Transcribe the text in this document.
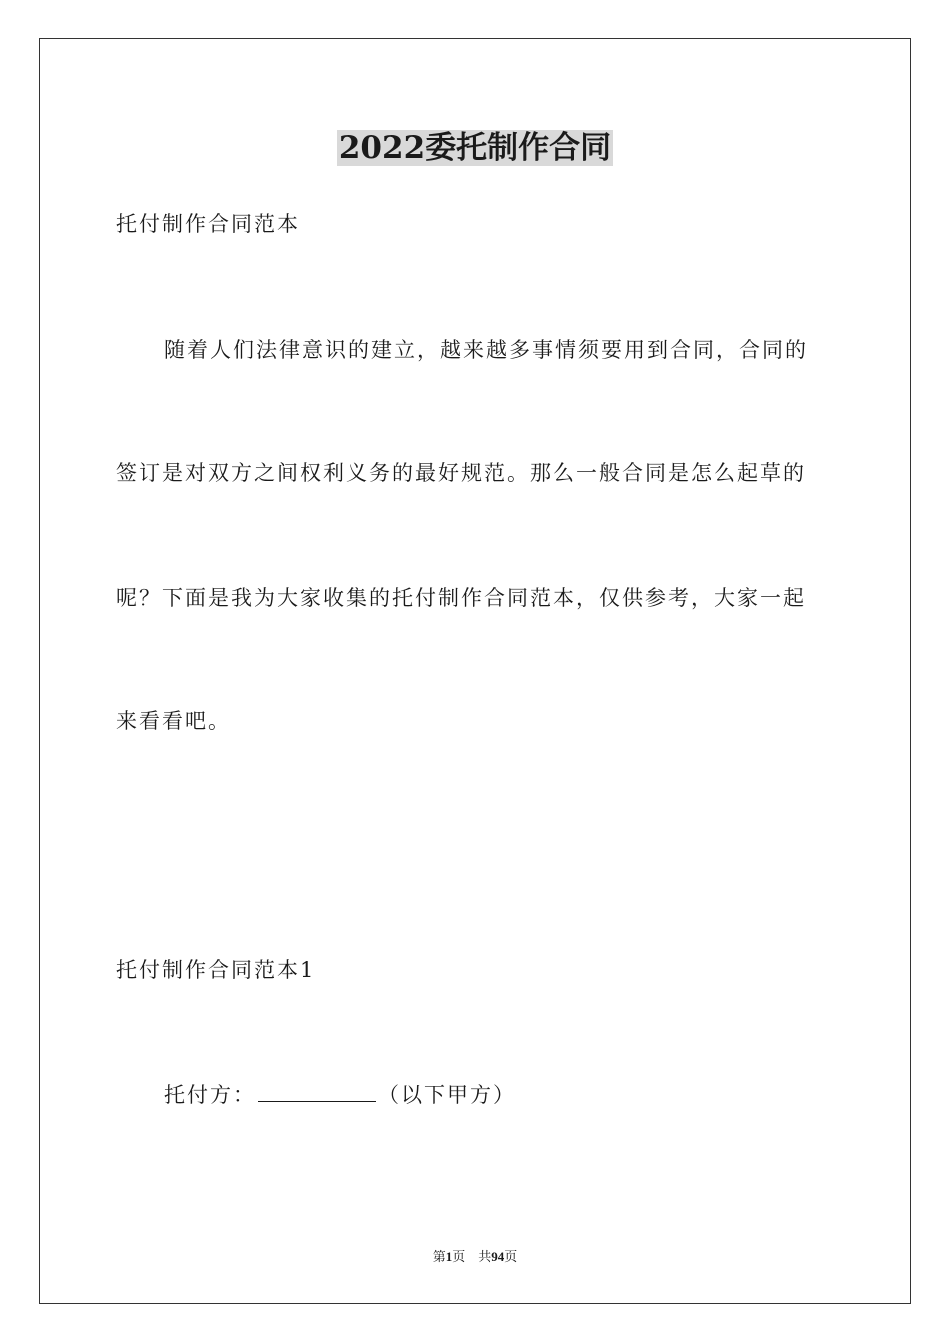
2022委托制作合同
托付制作合同范本
随着人们法律意识的建立，越来越多事情须要用到合同，合同的
签订是对双方之间权利义务的最好规范。那么一般合同是怎么起草的
呢？下面是我为大家收集的托付制作合同范本，仅供参考，大家一起
来看看吧。
托付制作合同范本1
托付方：	（以下甲方）
第1页　共94页
